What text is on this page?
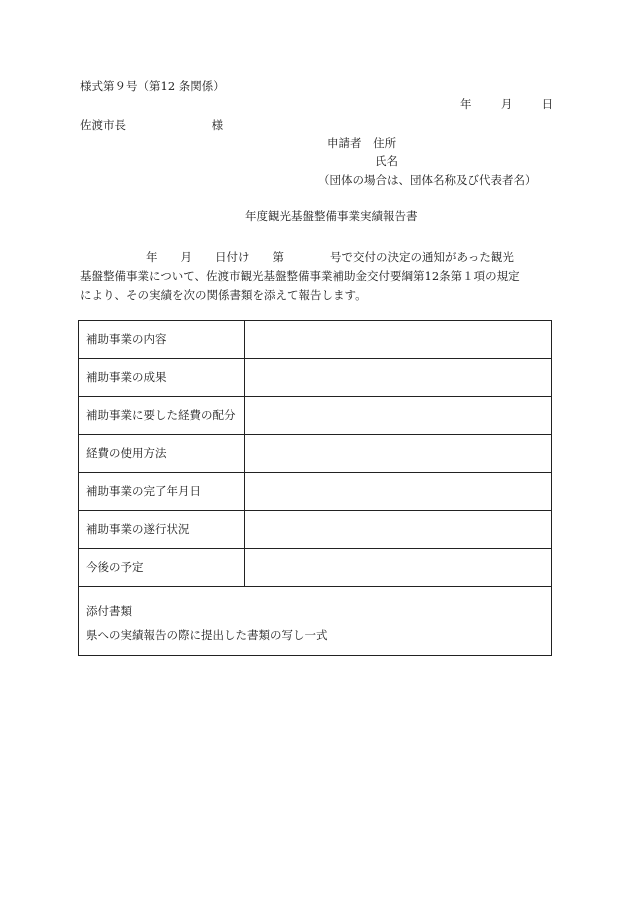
様式第９号（第12 条関係）
年	月	日
佐渡市長	様
申請者 住所
氏名
（団体の場合は、団体名称及び代表者名）
年度観光基盤整備事業実績報告書
年　　月　　日付け　　第　　　　号で交付の決定の通知があった観光
基盤整備事業について、佐渡市観光基盤整備事業補助金交付要綱第12条第１項の規定
により、その実績を次の関係書類を添えて報告します。
補助事業の内容	
補助事業の成果	
補助事業に要した経費の配分	
経費の使用方法	
補助事業の完了年月日	
補助事業の遂行状況	
今後の予定	

添付書類
県への実績報告の際に提出した書類の写し一式	
